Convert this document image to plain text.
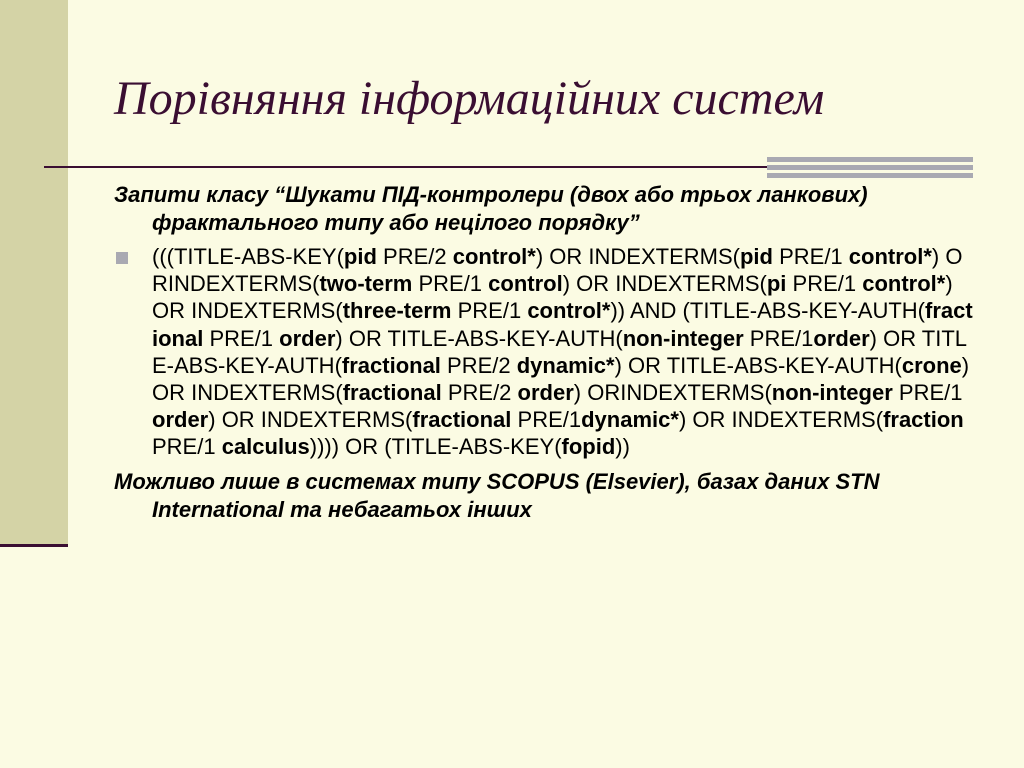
Порівняння інформаційних систем

Запити класу “Шукати ПІД-контролери (двох або трьох ланкових) фрактального типу або нецілого порядку”

(((TITLE-ABS-KEY(pid PRE/2 control*) OR INDEXTERMS(pid PRE/1 control*) ORINDEXTERMS(two-term PRE/1 control) OR INDEXTERMS(pi PRE/1 control*) OR INDEXTERMS(three-term PRE/1 control*)) AND (TITLE-ABS-KEY-AUTH(fractional PRE/1 order) OR TITLE-ABS-KEY-AUTH(non-integer PRE/1order) OR TITLE-ABS-KEY-AUTH(fractional PRE/2 dynamic*) OR TITLE-ABS-KEY-AUTH(crone) OR INDEXTERMS(fractional PRE/2 order) ORINDEXTERMS(non-integer PRE/1 order) OR INDEXTERMS(fractional PRE/1dynamic*) OR INDEXTERMS(fraction PRE/1 calculus)))) OR (TITLE-ABS-KEY(fopid))

Можливо лише в системах типу SCOPUS (Elsevier), базах даних STN International та небагатьох інших
